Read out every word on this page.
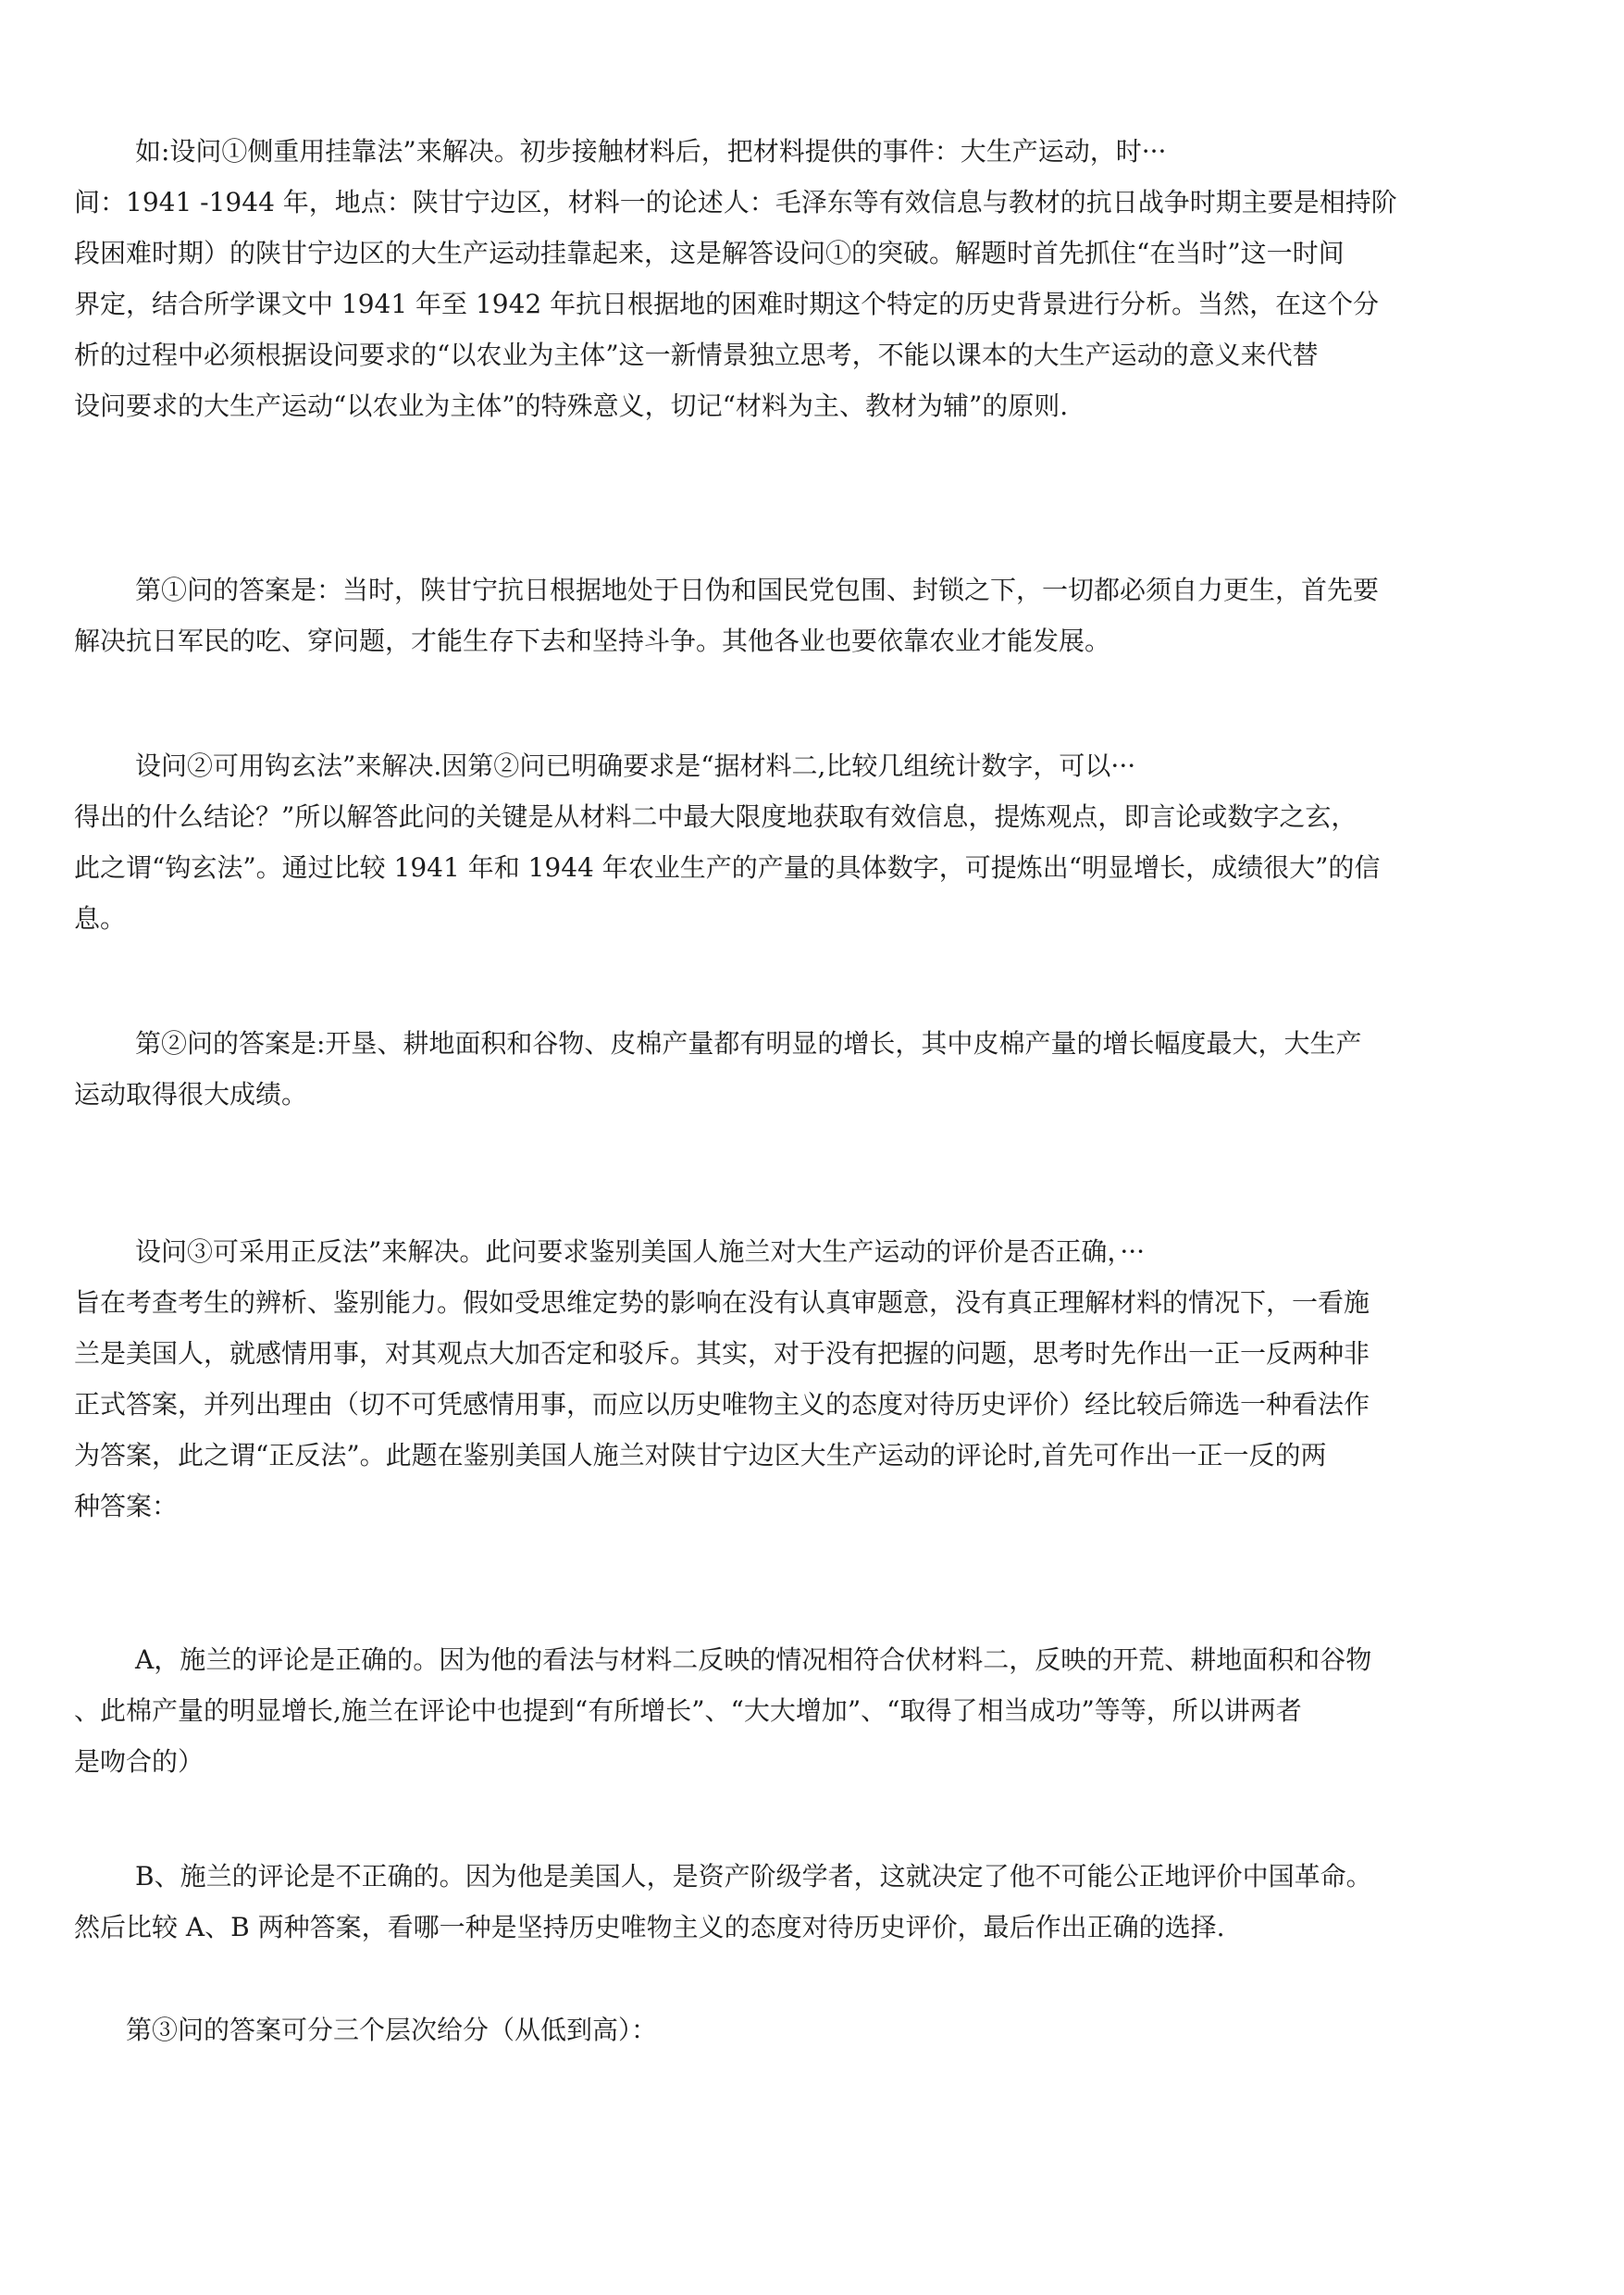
如:设问①侧重用挂靠法”来解决。初步接触材料后，把材料提供的事件：大生产运动，时···
间：1941 -1944 年，地点：陕甘宁边区，材料一的论述人：毛泽东等有效信息与教材的抗日战争时期主要是相持阶
段困难时期）的陕甘宁边区的大生产运动挂靠起来，这是解答设问①的突破。解题时首先抓住“在当时”这一时间
界定，结合所学课文中 1941 年至 1942 年抗日根据地的困难时期这个特定的历史背景进行分析。当然，在这个分
析的过程中必须根据设问要求的“以农业为主体”这一新情景独立思考，不能以课本的大生产运动的意义来代替
设问要求的大生产运动“以农业为主体”的特殊意义，切记“材料为主、教材为辅”的原则.
第①问的答案是：当时，陕甘宁抗日根据地处于日伪和国民党包围、封锁之下，一切都必须自力更生，首先要
解决抗日军民的吃、穿问题，才能生存下去和坚持斗争。其他各业也要依靠农业才能发展。
设问②可用钩玄法”来解决.因第②问已明确要求是“据材料二,比较几组统计数字，可以···
得出的什么结论？”所以解答此问的关键是从材料二中最大限度地获取有效信息，提炼观点，即言论或数字之玄，
此之谓“钩玄法”。通过比较 1941 年和 1944 年农业生产的产量的具体数字，可提炼出“明显增长，成绩很大”的信
息。
第②问的答案是:开垦、耕地面积和谷物、皮棉产量都有明显的增长，其中皮棉产量的增长幅度最大，大生产
运动取得很大成绩。
设问③可采用正反法”来解决。此问要求鉴别美国人施兰对大生产运动的评价是否正确，···
旨在考查考生的辨析、鉴别能力。假如受思维定势的影响在没有认真审题意，没有真正理解材料的情况下，一看施
兰是美国人，就感情用事，对其观点大加否定和驳斥。其实，对于没有把握的问题，思考时先作出一正一反两种非
正式答案，并列出理由（切不可凭感情用事，而应以历史唯物主义的态度对待历史评价）经比较后筛选一种看法作
为答案，此之谓“正反法”。此题在鉴别美国人施兰对陕甘宁边区大生产运动的评论时,首先可作出一正一反的两
种答案：
A，施兰的评论是正确的。因为他的看法与材料二反映的情况相符合伏材料二，反映的开荒、耕地面积和谷物
、此棉产量的明显增长,施兰在评论中也提到“有所增长”、“大大增加”、“取得了相当成功”等等，所以讲两者
是吻合的）
B、施兰的评论是不正确的。因为他是美国人，是资产阶级学者，这就决定了他不可能公正地评价中国革命。
然后比较 A、B 两种答案，看哪一种是坚持历史唯物主义的态度对待历史评价，最后作出正确的选择.
第③问的答案可分三个层次给分（从低到高）：
